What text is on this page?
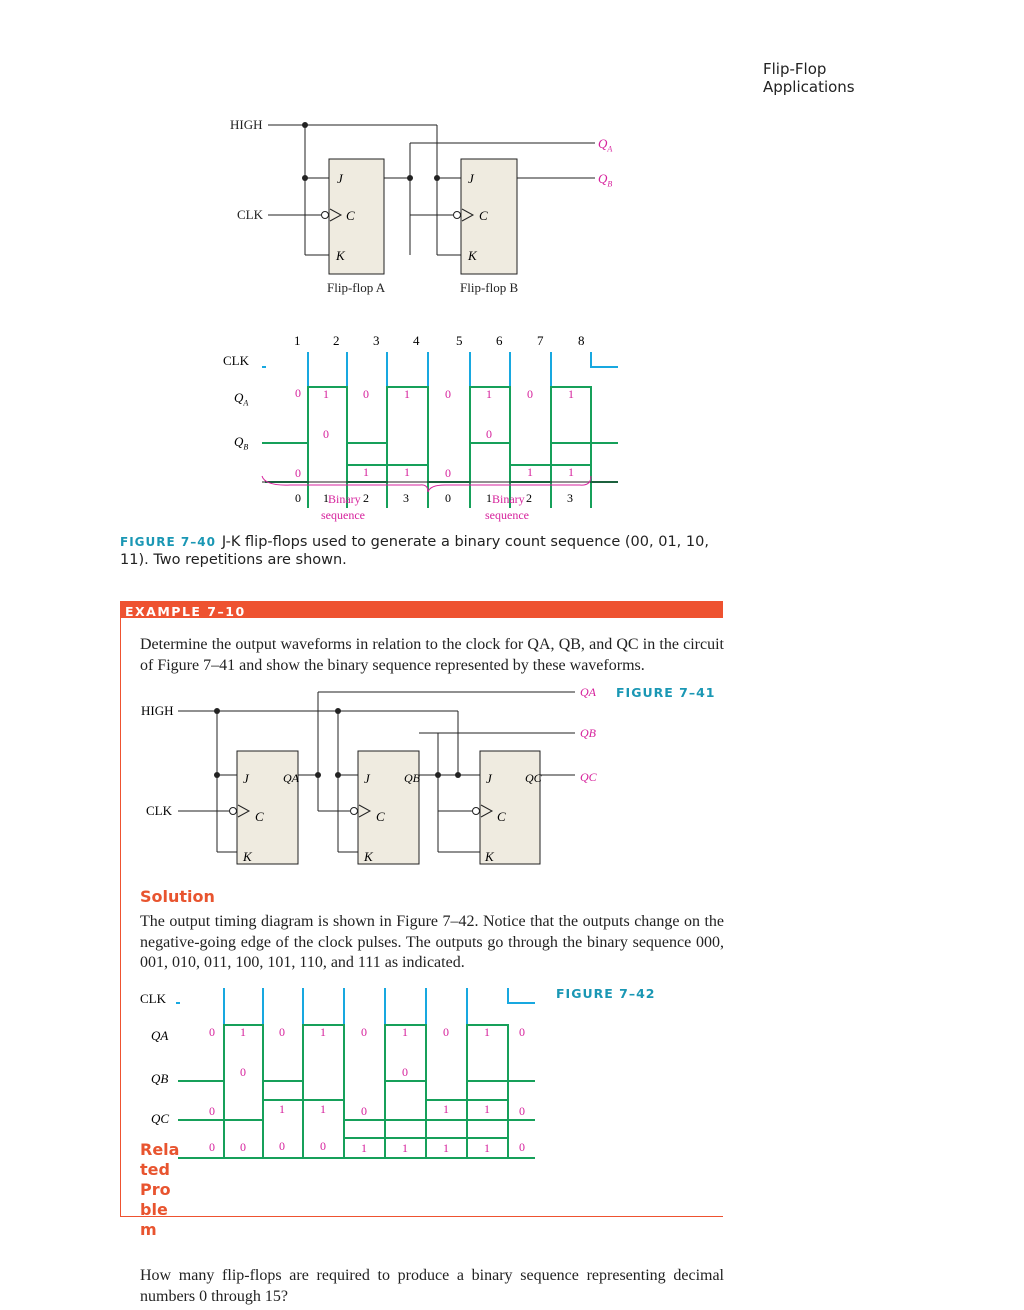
Flip-Flop
Applications
HIGH
CLK
J
C
K
J
C
K
$Q_A$
$Q_B$
Flip-flop A	Flip-flop B
1	2	3	4	5	6	7	8
CLK
$Q_A$
$Q_B$
0 1	0	1	0	1	0	1
0	0
0	1	1	0	1	1
0 1	2	3	0	1	2	3
Binary
sequence
Binary
sequence
FIGURE 7–40 J-K flip-flops used to generate a binary count sequence (00, 01, 10, 11). Two repetitions are shown.
EXAMPLE 7–10
Determine the output waveforms in relation to the clock for QA, QB, and QC in the circuit of Figure 7–41 and show the binary sequence represented by these waveforms.
FIGURE 7–41
HIGH
CLK
J
C
K
J
C
K
J
C
K
QA	QB	QC
QA
QB
QC
Solution
The output timing diagram is shown in Figure 7–42. Notice that the outputs change on the negative-going edge of the clock pulses. The outputs go through the binary sequence 000, 001, 010, 011, 100, 101, 110, and 111 as indicated.
FIGURE 7–42
CLK
QA
QB
QC
0 1	0	1	0	1	0	1 0
0	0
0	1	1	0	1	1 0
0 0	0	0	1	1	1	1 0
Related Problem
How many flip-flops are required to produce a binary sequence representing decimal numbers 0 through 15?
